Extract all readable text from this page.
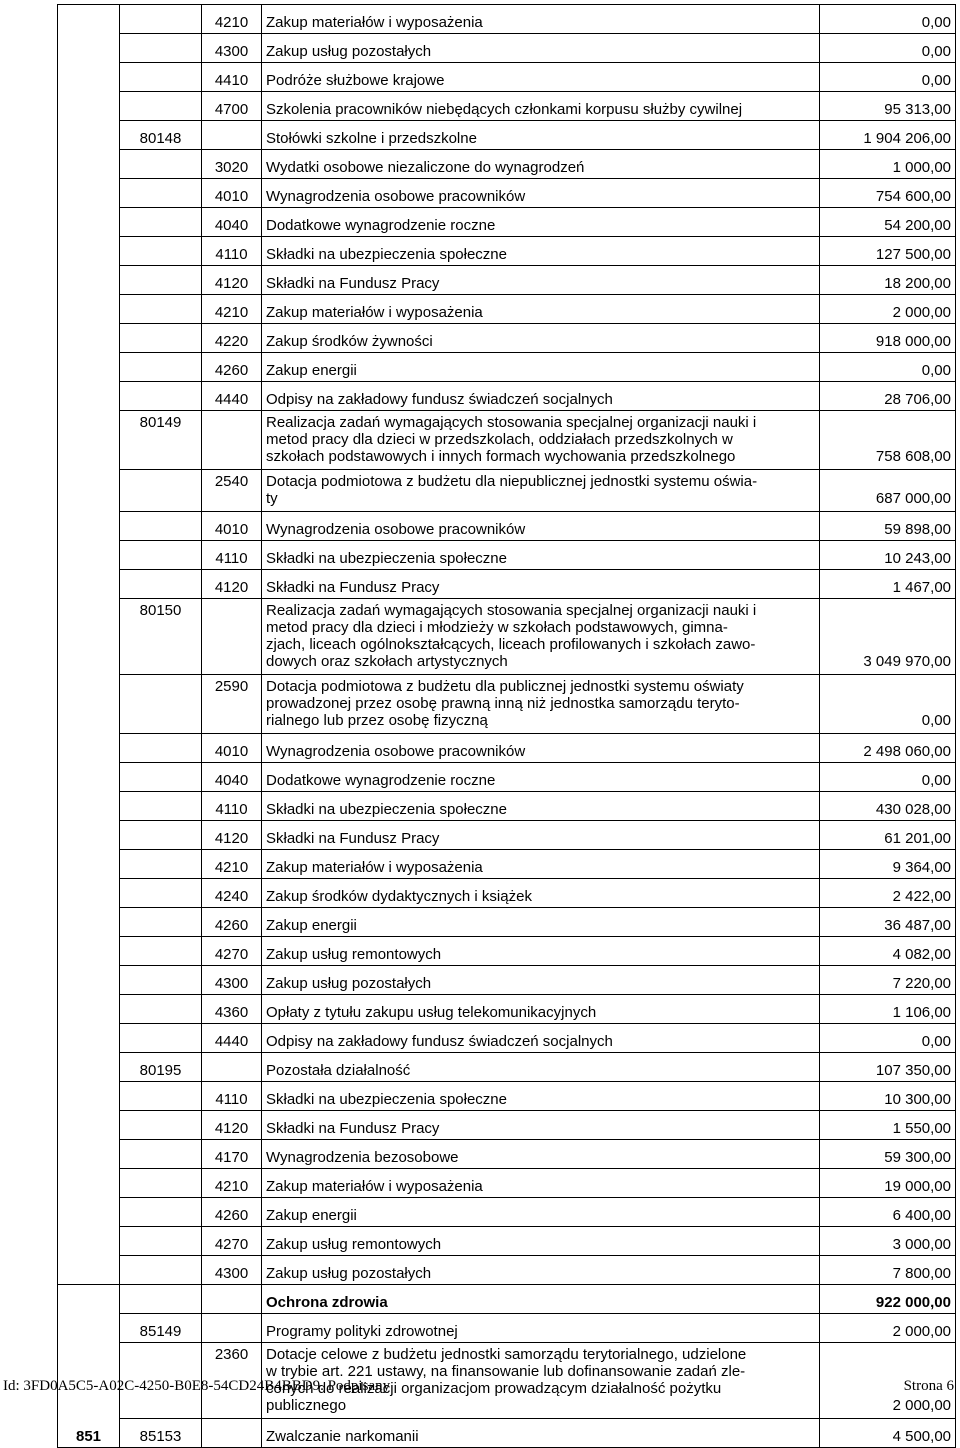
		4210	Zakup materiałów i wyposażenia	0,00
		4300	Zakup usług pozostałych	0,00
		4410	Podróże służbowe krajowe	0,00
		4700	Szkolenia pracowników niebędących członkami korpusu służby cywilnej	95 313,00
	80148		Stołówki szkolne i przedszkolne	1 904 206,00
		3020	Wydatki osobowe niezaliczone do wynagrodzeń	1 000,00
		4010	Wynagrodzenia osobowe pracowników	754 600,00
		4040	Dodatkowe wynagrodzenie roczne	54 200,00
		4110	Składki na ubezpieczenia społeczne	127 500,00
		4120	Składki na Fundusz Pracy	18 200,00
		4210	Zakup materiałów i wyposażenia	2 000,00
		4220	Zakup środków żywności	918 000,00
		4260	Zakup energii	0,00
		4440	Odpisy na zakładowy fundusz świadczeń socjalnych	28 706,00
	80149		Realizacja zadań wymagających stosowania specjalnej organizacji nauki i
metod pracy dla dzieci w przedszkolach, oddziałach przedszkolnych w
szkołach podstawowych i innych formach wychowania przedszkolnego	758 608,00
		2540	Dotacja podmiotowa z budżetu dla niepublicznej jednostki systemu oświa-
ty	687 000,00
		4010	Wynagrodzenia osobowe pracowników	59 898,00
		4110	Składki na ubezpieczenia społeczne	10 243,00
		4120	Składki na Fundusz Pracy	1 467,00
	80150		Realizacja zadań wymagających stosowania specjalnej organizacji nauki i
metod pracy dla dzieci i młodzieży w szkołach podstawowych, gimna-
zjach, liceach ogólnokształcących, liceach profilowanych i szkołach zawo-
dowych oraz szkołach artystycznych	3 049 970,00
		2590	Dotacja podmiotowa z budżetu dla publicznej jednostki systemu oświaty
prowadzonej przez osobę prawną inną niż jednostka samorządu teryto-
rialnego lub przez osobę fizyczną	0,00
		4010	Wynagrodzenia osobowe pracowników	2 498 060,00
		4040	Dodatkowe wynagrodzenie roczne	0,00
		4110	Składki na ubezpieczenia społeczne	430 028,00
		4120	Składki na Fundusz Pracy	61 201,00
		4210	Zakup materiałów i wyposażenia	9 364,00
		4240	Zakup środków dydaktycznych i książek	2 422,00
		4260	Zakup energii	36 487,00
		4270	Zakup usług remontowych	4 082,00
		4300	Zakup usług pozostałych	7 220,00
		4360	Opłaty z tytułu zakupu usług telekomunikacyjnych	1 106,00
		4440	Odpisy na zakładowy fundusz świadczeń socjalnych	0,00
	80195		Pozostała działalność	107 350,00
		4110	Składki na ubezpieczenia społeczne	10 300,00
		4120	Składki na Fundusz Pracy	1 550,00
		4170	Wynagrodzenia bezosobowe	59 300,00
		4210	Zakup materiałów i wyposażenia	19 000,00
		4260	Zakup energii	6 400,00
		4270	Zakup usług remontowych	3 000,00
		4300	Zakup usług pozostałych	7 800,00
851			Ochrona zdrowia	922 000,00
	85149		Programy polityki zdrowotnej	2 000,00
		2360	Dotacje celowe z budżetu jednostki samorządu terytorialnego, udzielone
w trybie art. 221 ustawy, na finansowanie lub dofinansowanie zadań zle-
conych do realizacji organizacjom prowadzącym działalność pożytku
publicznego	2 000,00
	85153		Zwalczanie narkomanii	4 500,00
Id: 3FD0A5C5-A02C-4250-B0E8-54CD24B4BBD9. Podpisany	Strona 6
